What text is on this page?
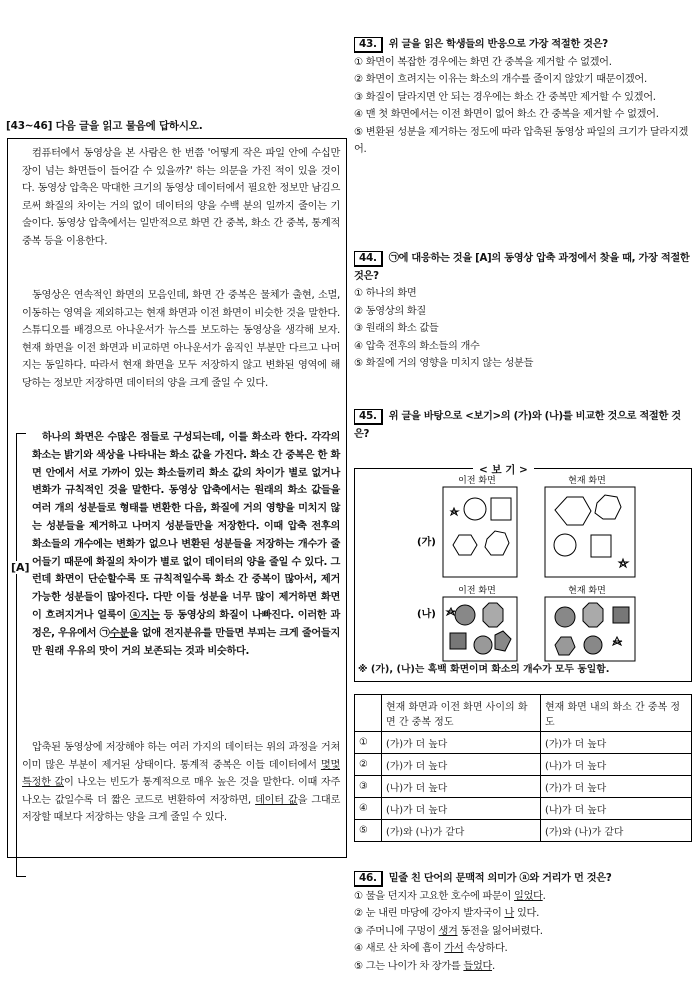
[43~46] 다음 글을 읽고 물음에 답하시오.
컴퓨터에서 동영상을 본 사람은 한 번쯤 '어떻게 작은 파일 안에 수십만 장이 넘는 화면들이 들어갈 수 있을까?' 하는 의문을 가진 적이 있을 것이다. 동영상 압축은 막대한 크기의 동영상 데이터에서 필요한 정보만 남김으로써 화질의 차이는 거의 없이 데이터의 양을 수백 분의 일까지 줄이는 기술이다. 동영상 압축에서는 일반적으로 화면 간 중복, 화소 간 중복, 통계적 중복 등을 이용한다.
동영상은 연속적인 화면의 모음인데, 화면 간 중복은 물체가 출현, 소멸, 이동하는 영역을 제외하고는 현재 화면과 이전 화면이 비슷한 것을 말한다. 스튜디오를 배경으로 아나운서가 뉴스를 보도하는 동영상을 생각해 보자. 현재 화면을 이전 화면과 비교하면 아나운서가 움직인 부분만 다르고 나머지는 동일하다. 따라서 현재 화면을 모두 저장하지 않고 변화된 영역에 해당하는 정보만 저장하면 데이터의 양을 크게 줄일 수 있다.
[A]
하나의 화면은 수많은 점들로 구성되는데, 이를 화소라 한다. 각각의 화소는 밝기와 색상을 나타내는 화소 값을 가진다. 화소 간 중복은 한 화면 안에서 서로 가까이 있는 화소들끼리 화소 값의 차이가 별로 없거나 변화가 규칙적인 것을 말한다. 동영상 압축에서는 원래의 화소 값들을 여러 개의 성분들로 형태를 변환한 다음, 화질에 거의 영향을 미치지 않는 성분들을 제거하고 나머지 성분들만을 저장한다. 이때 압축 전후의 화소들의 개수에는 변화가 없으나 변환된 성분들을 저장하는 개수가 줄어들기 때문에 화질의 차이가 별로 없이 데이터의 양을 줄일 수 있다. 그런데 화면이 단순할수록 또 규칙적일수록 화소 간 중복이 많아서, 제거 가능한 성분들이 많아진다. 다만 이들 성분을 너무 많이 제거하면 화면이 흐려지거나 얼룩이 ⓐ지는 등 동영상의 화질이 나빠진다. 이러한 과정은, 우유에서 ㉠수분을 없애 전지분유를 만들면 부피는 크게 줄어들지만 원래 우유의 맛이 거의 보존되는 것과 비슷하다.
압축된 동영상에 저장해야 하는 여러 가지의 데이터는 위의 과정을 거쳐 이미 많은 부분이 제거된 상태이다. 통계적 중복은 이들 데이터에서 몇몇 특정한 값이 나오는 빈도가 통계적으로 매우 높은 것을 말한다. 이때 자주 나오는 값일수록 더 짧은 코드로 변환하여 저장하면, 데이터 값을 그대로 저장할 때보다 저장하는 양을 크게 줄일 수 있다.
43. 위 글을 읽은 학생들의 반응으로 가장 적절한 것은?

① 화면이 복잡한 경우에는 화면 간 중복을 제거할 수 없겠어.

② 화면이 흐려지는 이유는 화소의 개수를 줄이지 않았기 때문이겠어.

③ 화질이 달라지면 안 되는 경우에는 화소 간 중복만 제거할 수 있겠어.

④ 맨 첫 화면에서는 이전 화면이 없어 화소 간 중복을 제거할 수 없겠어.

⑤ 변환된 성분을 제거하는 정도에 따라 압축된 동영상 파일의 크기가 달라지겠어.

44. ㉠에 대응하는 것을 [A]의 동영상 압축 과정에서 찾을 때, 가장 적절한 것은?

① 하나의 화면

② 동영상의 화질

③ 원래의 화소 값들

④ 압축 전후의 화소들의 개수

⑤ 화질에 거의 영향을 미치지 않는 성분들

45. 위 글을 바탕으로 <보기>의 (가)와 (나)를 비교한 것으로 적절한 것은?
< 보 기 >
이전 화면	현재 화면
(가)
이전 화면	현재 화면
(나)
※ (가), (나)는 흑백 화면이며 화소의 개수가 모두 동일함.
	현재 화면과 이전 화면 사이의 화면 간 중복 정도	현재 화면 내의 화소 간 중복 정도
①	(가)가 더 높다	(가)가 더 높다
②	(가)가 더 높다	(나)가 더 높다
③	(나)가 더 높다	(가)가 더 높다
④	(나)가 더 높다	(나)가 더 높다
⑤	(가)와 (나)가 같다	(가)와 (나)가 같다
46. 밑줄 친 단어의 문맥적 의미가 ⓐ와 거리가 먼 것은?

① 물을 던지자 고요한 호수에 파문이 일었다.

② 눈 내린 마당에 강아지 발자국이 나 있다.

③ 주머니에 구멍이 생겨 동전을 잃어버렸다.

④ 새로 산 차에 흠이 가서 속상하다.

⑤ 그는 나이가 차 장가를 들었다.
